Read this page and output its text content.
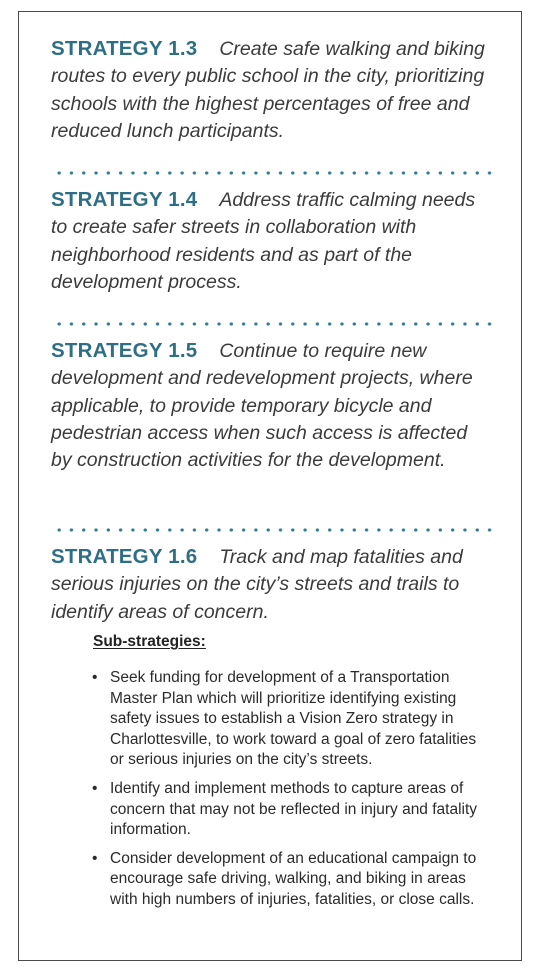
STRATEGY 1.3 Create safe walking and biking routes to every public school in the city, prioritizing schools with the highest percentages of free and reduced lunch participants.

STRATEGY 1.4 Address traffic calming needs to create safer streets in collaboration with neighborhood residents and as part of the development process.

STRATEGY 1.5 Continue to require new development and redevelopment projects, where applicable, to provide temporary bicycle and pedestrian access when such access is affected by construction activities for the development.

STRATEGY 1.6 Track and map fatalities and serious injuries on the city’s streets and trails to identify areas of concern.

Sub-strategies:

• Seek funding for development of a Transportation Master Plan which will prioritize identifying existing safety issues to establish a Vision Zero strategy in Charlottesville, to work toward a goal of zero fatalities or serious injuries on the city’s streets.
• Identify and implement methods to capture areas of concern that may not be reflected in injury and fatality information.
• Consider development of an educational campaign to encourage safe driving, walking, and biking in areas with high numbers of injuries, fatalities, or close calls.
